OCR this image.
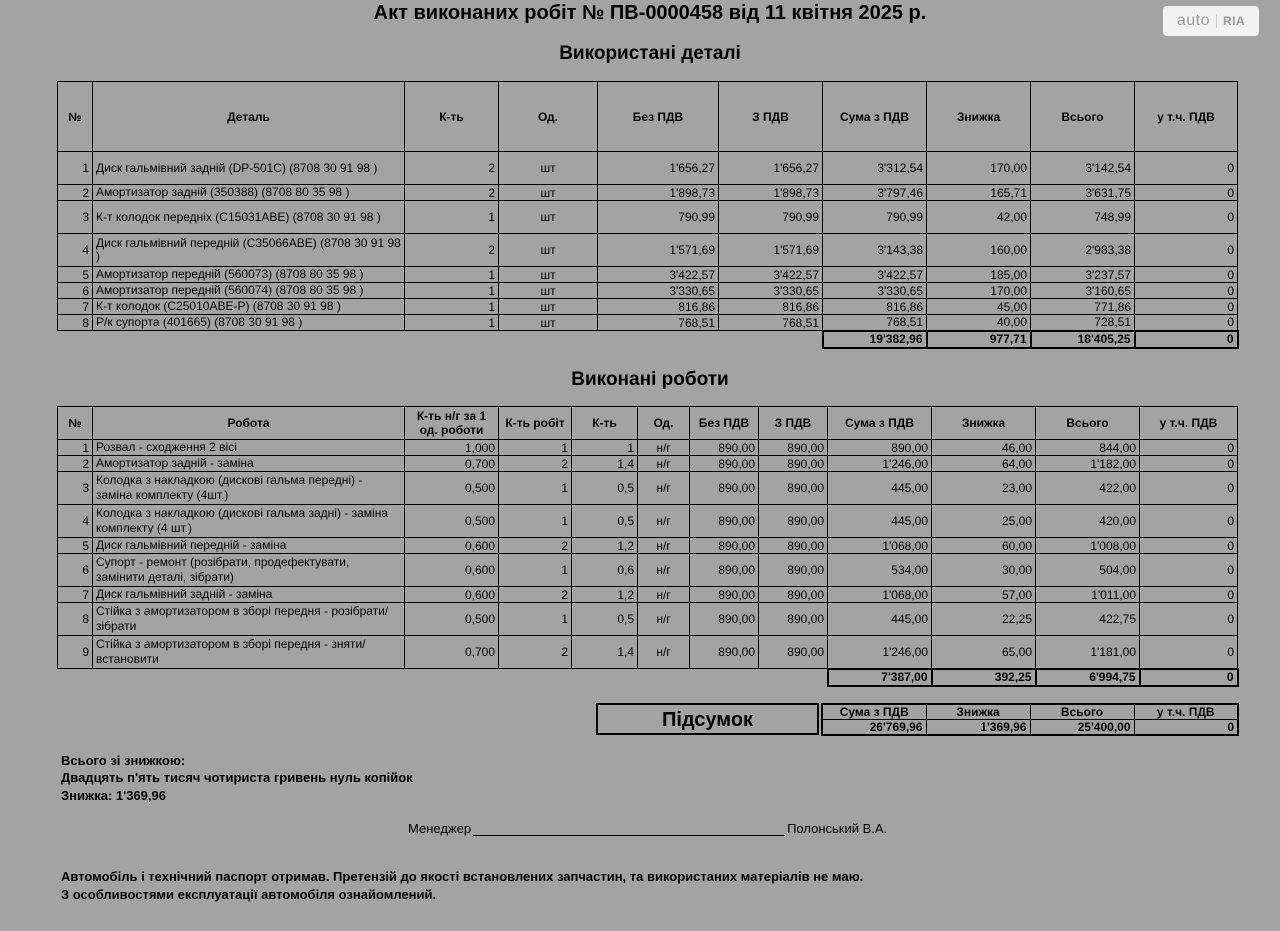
Акт виконаних робіт № ПВ-0000458 від 11 квітня 2025 р.	auto	RIA
Використані деталі
№	Деталь	К-ть	Од.	Без ПДВ	З ПДВ	Сума з ПДВ	Знижка	Всього	у т.ч. ПДВ
1	Диск гальмівний задній (DP-501C) (8708 30 91 98 )	2	шт	1'656,27	1'656,27	3'312,54	170,00	3'142,54	0
2	Амортизатор задній (350388) (8708 80 35 98 )	2	шт	1'898,73	1'898,73	3'797,46	165,71	3'631,75	0
3	К-т колодок передніх (C15031ABE) (8708 30 91 98 )	1	шт	790,99	790,99	790,99	42,00	748,99	0
4	Диск гальмівний передній (C35066ABE) (8708 30 91 98 )	2	шт	1'571,69	1'571,69	3'143,38	160,00	2'983,38	0
5	Амортизатор передній (560073) (8708 80 35 98 )	1	шт	3'422,57	3'422,57	3'422,57	185,00	3'237,57	0
6	Амортизатор передній (560074) (8708 80 35 98 )	1	шт	3'330,65	3'330,65	3'330,65	170,00	3'160,65	0
7	К-т колодок (C25010ABE-P) (8708 30 91 98 )	1	шт	816,86	816,86	816,86	45,00	771,86	0
8	Р/к супорта (401665) (8708 30 91 98 )	1	шт	768,51	768,51	768,51	40,00	728,51	0
						19'382,96	977,71	18'405,25	0
Виконані роботи
№	Робота	К-ть н/г за 1 од. роботи	К-ть робіт	К-ть	Од.	Без ПДВ	З ПДВ	Сума з ПДВ	Знижка	Всього	у т.ч. ПДВ
1	Розвал - сходження 2 вісі	1,000	1	1	н/г	890,00	890,00	890,00	46,00	844,00	0
2	Амортизатор задній - заміна	0,700	2	1,4	н/г	890,00	890,00	1'246,00	64,00	1'182,00	0
3	Колодка з накладкою (дискові гальма передні) - заміна комплекту (4шт.)	0,500	1	0,5	н/г	890,00	890,00	445,00	23,00	422,00	0
4	Колодка з накладкою (дискові гальма задні) - заміна комплекту (4 шт.)	0,500	1	0,5	н/г	890,00	890,00	445,00	25,00	420,00	0
5	Диск гальмівний передній - заміна	0,600	2	1,2	н/г	890,00	890,00	1'068,00	60,00	1'008,00	0
6	Супорт - ремонт (розібрати, продефектувати, замінити деталі, зібрати)	0,600	1	0,6	н/г	890,00	890,00	534,00	30,00	504,00	0
7	Диск гальмівний задній - заміна	0,600	2	1,2	н/г	890,00	890,00	1'068,00	57,00	1'011,00	0
8	Стійка з амортизатором в зборі передня - розібрати/зібрати	0,500	1	0,5	н/г	890,00	890,00	445,00	22,25	422,75	0
9	Стійка з амортизатором в зборі передня - зняти/встановити	0,700	2	1,4	н/г	890,00	890,00	1'246,00	65,00	1'181,00	0
								7'387,00	392,25	6'994,75	0
Підсумок	Сума з ПДВ	Знижка	Всього	у т.ч. ПДВ
26'769,96	1'369,96	25'400,00	0
Всього зі знижкою:
Двадцять п'ять тисяч чотириста гривень нуль копійок
Знижка: 1'369,96
Менеджер	Полонський В.А.
Автомобіль і технічний паспорт отримав. Претензій до якості встановлених запчастин, та використаних матеріалів не маю.
З особливостями експлуатації автомобіля ознайомлений.
